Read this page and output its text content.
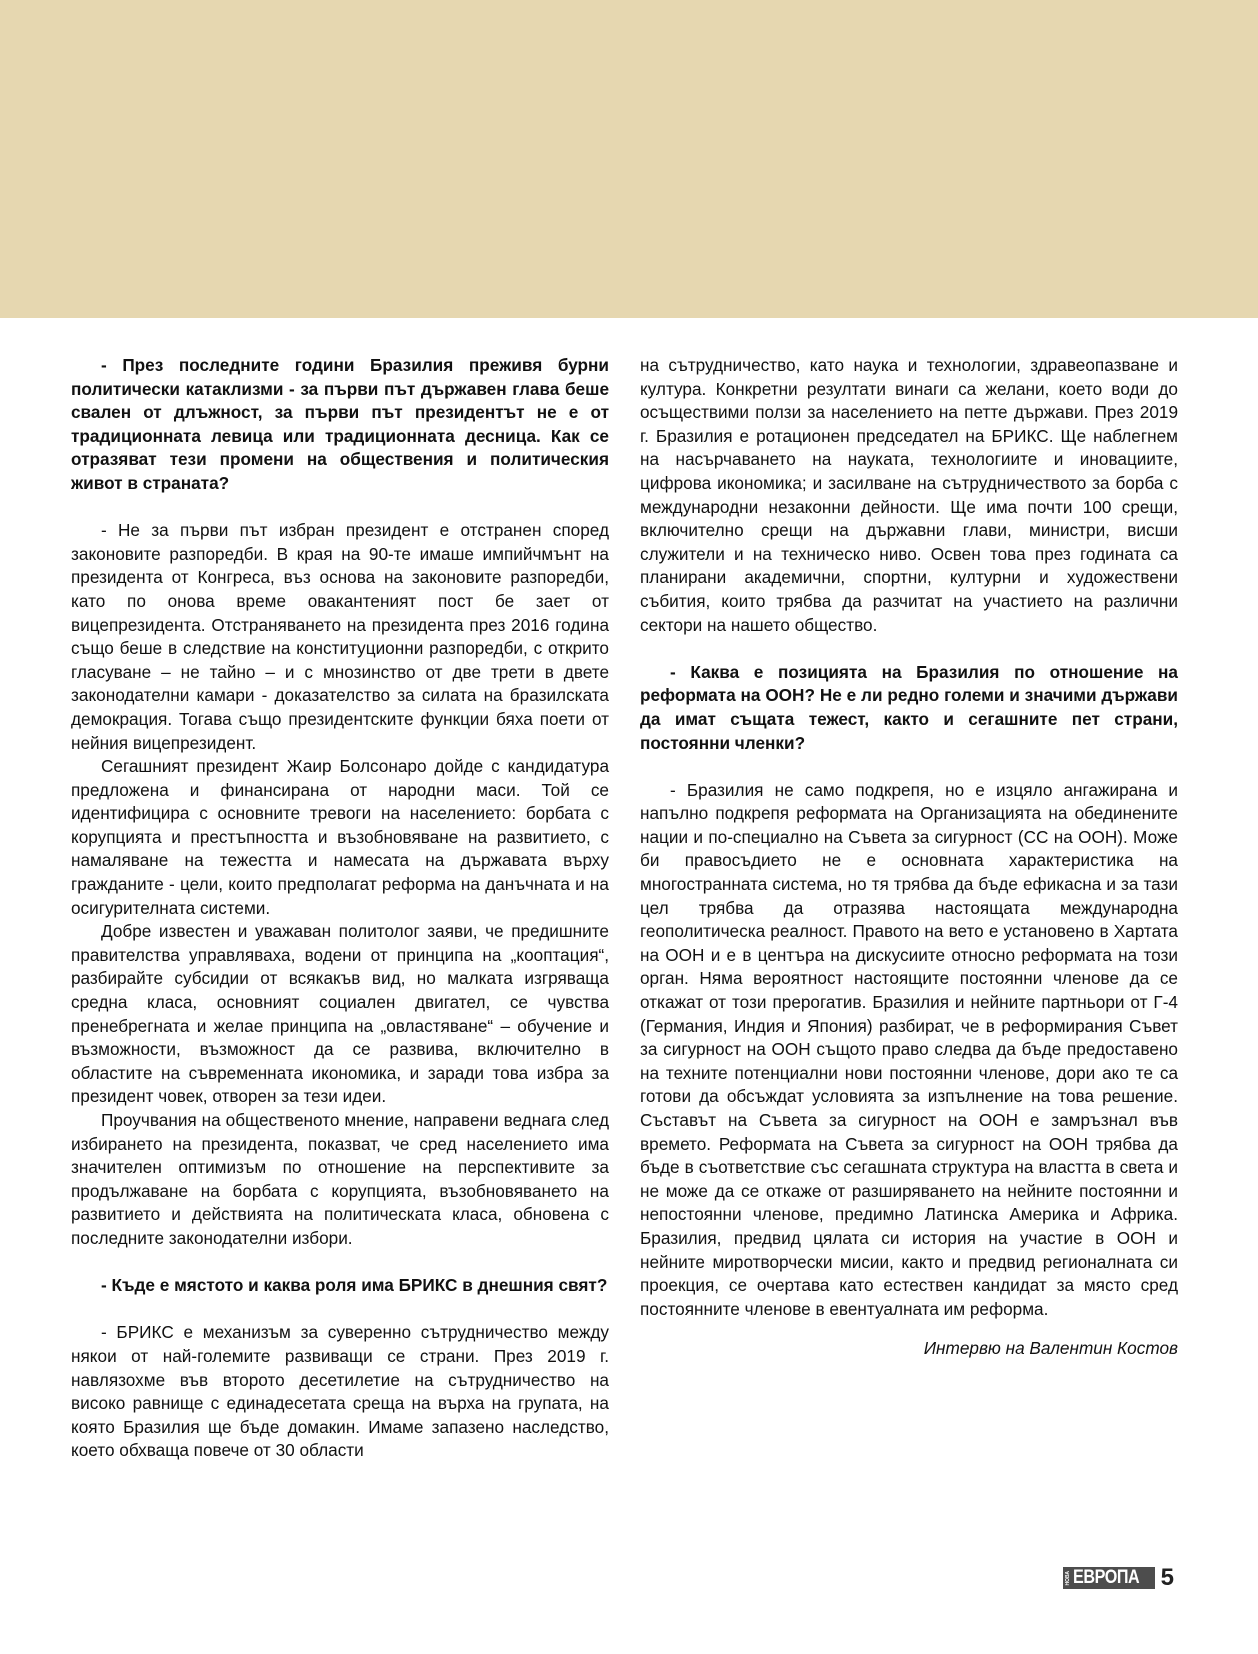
- През последните години Бразилия преживя бурни политически катаклизми - за първи път държавен глава беше свален от длъжност, за първи път президентът не е от традиционната левица или традиционната десница. Как се отразяват тези промени на обществения и политическия живот в страната?

- Не за първи път избран президент е отстранен според законовите разпоредби. В края на 90-те имаше импийчмънт на президента от Конгреса, въз основа на законовите разпоредби, като по онова време овакантеният пост бе зает от вицепрезидента. Отстраняването на президента през 2016 година също беше в следствие на конституционни разпоредби, с открито гласуване – не тайно – и с мнозинство от две трети в двете законодателни камари - доказателство за силата на бразилската демокрация. Тогава също президентските функции бяха поети от нейния вицепрезидент.

Сегашният президент Жаир Болсонаро дойде с кандидатура предложена и финансирана от народни маси. Той се идентифицира с основните тревоги на населението: борбата с корупцията и престъпността и възобновяване на развитието, с намаляване на тежестта и намесата на държавата върху гражданите - цели, които предполагат реформа на данъчната и на осигурителната системи.

Добре известен и уважаван политолог заяви, че предишните правителства управляваха, водени от принципа на „кооптация“, разбирайте субсидии от всякакъв вид, но малката изгряваща средна класа, основният социален двигател, се чувства пренебрегната и желае принципа на „овластяване“ – обучение и възможности, възможност да се развива, включително в областите на съвременната икономика, и заради това избра за президент човек, отворен за тези идеи.

Проучвания на общественото мнение, направени веднага след избирането на президента, показват, че сред населението има значителен оптимизъм по отношение на перспективите за продължаване на борбата с корупцията, възобновяването на развитието и действията на политическата класа, обновена с последните законодателни избори.

- Къде е мястото и каква роля има БРИКС в днешния свят?

- БРИКС е механизъм за суверенно сътрудничество между някои от най-големите развиващи се страни. През 2019 г. навлязохме във второто десетилетие на сътрудничество на високо равнище с единадесетата среща на върха на групата, на която Бразилия ще бъде домакин. Имаме запазено наследство, което обхваща повече от 30 области

на сътрудничество, като наука и технологии, здравеопазване и култура. Конкретни резултати винаги са желани, което води до осъществими ползи за населението на петте държави. През 2019 г. Бразилия е ротационен председател на БРИКС. Ще наблегнем на насърчаването на науката, технологиите и иновациите, цифрова икономика; и засилване на сътрудничеството за борба с международни незаконни дейности. Ще има почти 100 срещи, включително срещи на държавни глави, министри, висши служители и на техническо ниво. Освен това през годината са планирани академични, спортни, културни и художествени събития, които трябва да разчитат на участието на различни сектори на нашето общество.

- Каква е позицията на Бразилия по отношение на реформата на ООН? Не е ли редно големи и значими държави да имат същата тежест, както и сегашните пет страни, постоянни членки?

- Бразилия не само подкрепя, но е изцяло ангажирана и напълно подкрепя реформата на Организацията на обединените нации и по-специално на Съвета за сигурност (СС на ООН). Може би правосъдието не е основната характеристика на многостранната система, но тя трябва да бъде ефикасна и за тази цел трябва да отразява настоящата международна геополитическа реалност. Правото на вето е установено в Хартата на ООН и е в центъра на дискусиите относно реформата на този орган. Няма вероятност настоящите постоянни членове да се откажат от този прерогатив. Бразилия и нейните партньори от Г-4 (Германия, Индия и Япония) разбират, че в реформирания Съвет за сигурност на ООН същото право следва да бъде предоставено на техните потенциални нови постоянни членове, дори ако те са готови да обсъждат условията за изпълнение на това решение. Съставът на Съвета за сигурност на ООН е замръзнал във времето. Реформата на Съвета за сигурност на ООН трябва да бъде в съответствие със сегашната структура на властта в света и не може да се откаже от разширяването на нейните постоянни и непостоянни членове, предимно Латинска Америка и Африка. Бразилия, предвид цялата си история на участие в ООН и нейните миротворчески мисии, както и предвид регионалната си проекция, се очертава като естествен кандидат за място сред постоянните членове в евентуалната им реформа.

Интервю на Валентин Костов

НОВА ЕВРОПА 5
